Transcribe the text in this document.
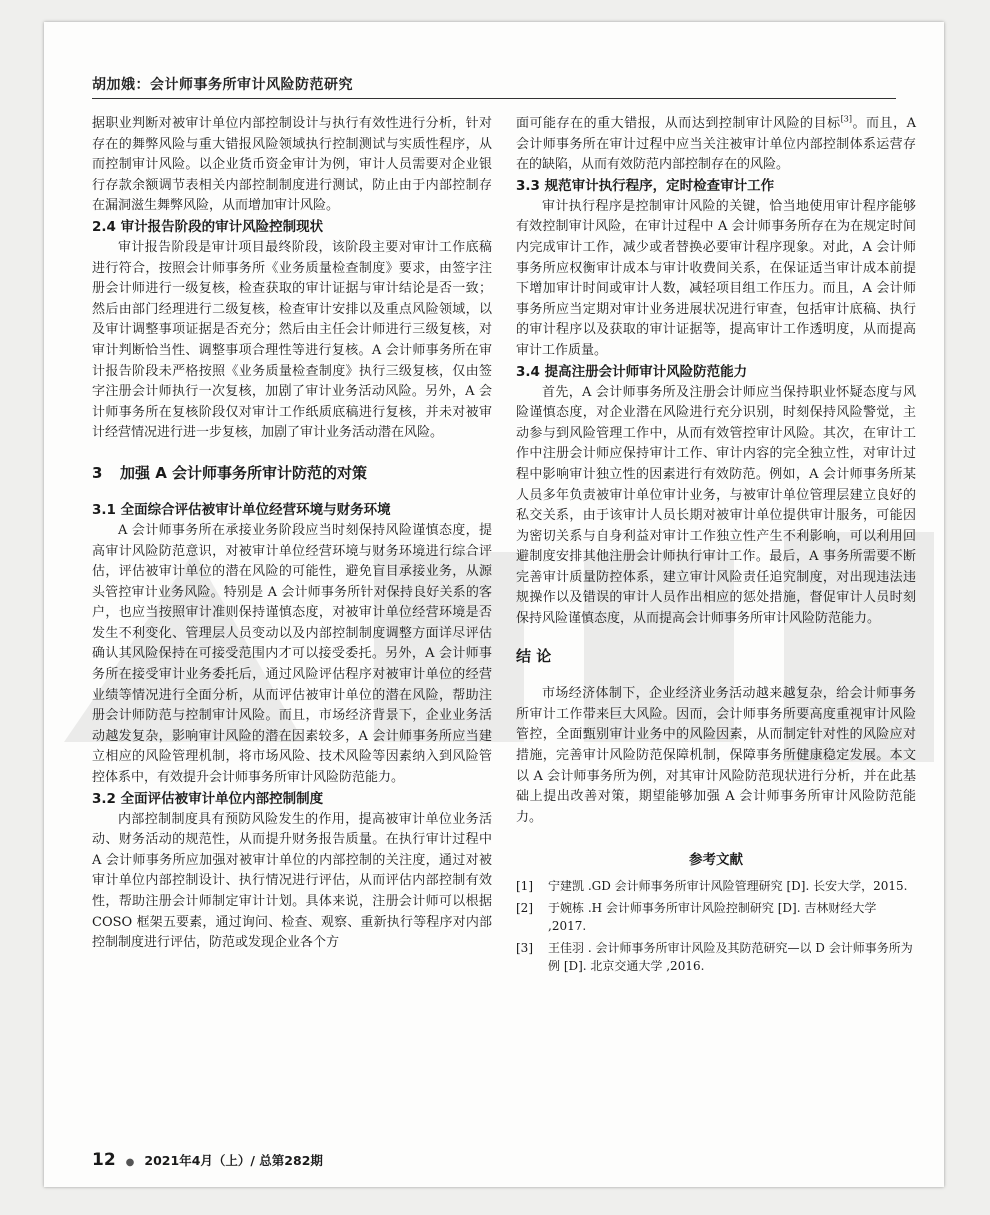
胡加娥：会计师事务所审计风险防范研究

据职业判断对被审计单位内部控制设计与执行有效性进行分析，针对存在的舞弊风险与重大错报风险领域执行控制测试与实质性程序，从而控制审计风险。以企业货币资金审计为例，审计人员需要对企业银行存款余额调节表相关内部控制制度进行测试，防止由于内部控制存在漏洞滋生舞弊风险，从而增加审计风险。

2.4 审计报告阶段的审计风险控制现状

审计报告阶段是审计项目最终阶段，该阶段主要对审计工作底稿进行符合，按照会计师事务所《业务质量检查制度》要求，由签字注册会计师进行一级复核，检查获取的审计证据与审计结论是否一致；然后由部门经理进行二级复核，检查审计安排以及重点风险领域，以及审计调整事项证据是否充分；然后由主任会计师进行三级复核，对审计判断恰当性、调整事项合理性等进行复核。A 会计师事务所在审计报告阶段未严格按照《业务质量检查制度》执行三级复核，仅由签字注册会计师执行一次复核，加剧了审计业务活动风险。另外，A 会计师事务所在复核阶段仅对审计工作纸质底稿进行复核，并未对被审计经营情况进行进一步复核，加剧了审计业务活动潜在风险。

3 加强 A 会计师事务所审计防范的对策
3.1 全面综合评估被审计单位经营环境与财务环境

A 会计师事务所在承接业务阶段应当时刻保持风险谨慎态度，提高审计风险防范意识，对被审计单位经营环境与财务环境进行综合评估，评估被审计单位的潜在风险的可能性，避免盲目承接业务，从源头管控审计业务风险。特别是 A 会计师事务所针对保持良好关系的客户，也应当按照审计准则保持谨慎态度，对被审计单位经营环境是否发生不利变化、管理层人员变动以及内部控制制度调整方面详尽评估确认其风险保持在可接受范围内才可以接受委托。另外，A 会计师事务所在接受审计业务委托后，通过风险评估程序对被审计单位的经营业绩等情况进行全面分析，从而评估被审计单位的潜在风险，帮助注册会计师防范与控制审计风险。而且，市场经济背景下，企业业务活动越发复杂，影响审计风险的潜在因素较多，A 会计师事务所应当建立相应的风险管理机制，将市场风险、技术风险等因素纳入到风险管控体系中，有效提升会计师事务所审计风险防范能力。

3.2 全面评估被审计单位内部控制制度

内部控制制度具有预防风险发生的作用，提高被审计单位业务活动、财务活动的规范性，从而提升财务报告质量。在执行审计过程中 A 会计师事务所应加强对被审计单位的内部控制的关注度，通过对被审计单位内部控制设计、执行情况进行评估，从而评估内部控制有效性，帮助注册会计师制定审计计划。具体来说，注册会计师可以根据 COSO 框架五要素，通过询问、检查、观察、重新执行等程序对内部控制制度进行评估，防范或发现企业各个方

面可能存在的重大错报，从而达到控制审计风险的目标[3]。而且，A 会计师事务所在审计过程中应当关注被审计单位内部控制体系运营存在的缺陷，从而有效防范内部控制存在的风险。

3.3 规范审计执行程序，定时检查审计工作

审计执行程序是控制审计风险的关键，恰当地使用审计程序能够有效控制审计风险，在审计过程中 A 会计师事务所存在为在规定时间内完成审计工作，减少或者替换必要审计程序现象。对此，A 会计师事务所应权衡审计成本与审计收费间关系，在保证适当审计成本前提下增加审计时间或审计人数，减轻项目组工作压力。而且，A 会计师事务所应当定期对审计业务进展状况进行审查，包括审计底稿、执行的审计程序以及获取的审计证据等，提高审计工作透明度，从而提高审计工作质量。

3.4 提高注册会计师审计风险防范能力

首先，A 会计师事务所及注册会计师应当保持职业怀疑态度与风险谨慎态度，对企业潜在风险进行充分识别，时刻保持风险警觉，主动参与到风险管理工作中，从而有效管控审计风险。其次，在审计工作中注册会计师应保持审计工作、审计内容的完全独立性，对审计过程中影响审计独立性的因素进行有效防范。例如，A 会计师事务所某人员多年负责被审计单位审计业务，与被审计单位管理层建立良好的私交关系，由于该审计人员长期对被审计单位提供审计服务，可能因为密切关系与自身利益对审计工作独立性产生不利影响，可以利用回避制度安排其他注册会计师执行审计工作。最后，A 事务所需要不断完善审计质量防控体系，建立审计风险责任追究制度，对出现违法违规操作以及错误的审计人员作出相应的惩处措施，督促审计人员时刻保持风险谨慎态度，从而提高会计师事务所审计风险防范能力。

结 论

市场经济体制下，企业经济业务活动越来越复杂，给会计师事务所审计工作带来巨大风险。因而，会计师事务所要高度重视审计风险管控，全面甄别审计业务中的风险因素，从而制定针对性的风险应对措施，完善审计风险防范保障机制，保障事务所健康稳定发展。本文以 A 会计师事务所为例，对其审计风险防范现状进行分析，并在此基础上提出改善对策，期望能够加强 A 会计师事务所审计风险防范能力。

参考文献
[1]	宁建凯 .GD 会计师事务所审计风险管理研究 [D]. 长安大学，2015.
[2]	于婉栋 .H 会计师事务所审计风险控制研究 [D]. 吉林财经大学 ,2017.
[3]	王佳羽 . 会计师事务所审计风险及其防范研究—以 D 会计师事务所为例 [D]. 北京交通大学 ,2016.
12 ● 2021年4月（上）/ 总第282期
